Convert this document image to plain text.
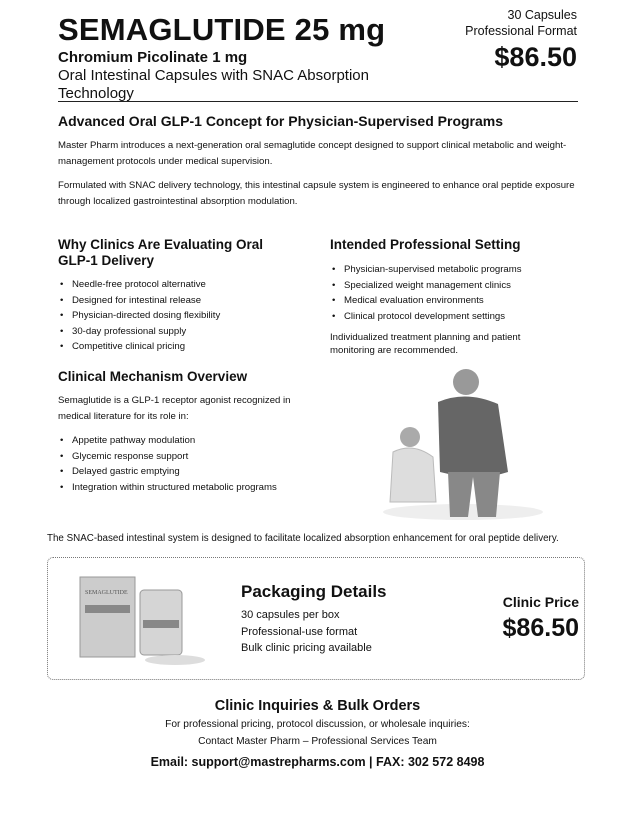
SEMAGLUTIDE 25 mg
Chromium Picolinate 1 mg
Oral Intestinal Capsules with SNAC Absorption Technology
30 Capsules
Professional Format
$86.50
Advanced Oral GLP-1 Concept for Physician-Supervised Programs
Master Pharm introduces a next-generation oral semaglutide concept designed to support clinical metabolic and weight-management protocols under medical supervision.
Formulated with SNAC delivery technology, this intestinal capsule system is engineered to enhance oral peptide exposure through localized gastrointestinal absorption modulation.
Why Clinics Are Evaluating Oral GLP-1 Delivery
• Needle-free protocol alternative
• Designed for intestinal release
• Physician-directed dosing flexibility
• 30-day professional supply
• Competitive clinical pricing
Intended Professional Setting
• Physician-supervised metabolic programs
• Specialized weight management clinics
• Medical evaluation environments
• Clinical protocol development settings
Individualized treatment planning and patient monitoring are recommended.
Clinical Mechanism Overview
Semaglutide is a GLP-1 receptor agonist recognized in medical literature for its role in:
• Appetite pathway modulation
• Glycemic response support
• Delayed gastric emptying
• Integration within structured metabolic programs
The SNAC-based intestinal system is designed to facilitate localized absorption enhancement for oral peptide delivery.
SEMAGLUTIDE	Packaging Details
30 capsules per box
Professional-use format
Bulk clinic pricing available
Clinic Price
$86.50
Clinic Inquiries & Bulk Orders
For professional pricing, protocol discussion, or wholesale inquiries:
Contact Master Pharm – Professional Services Team
Email: support@mastrepharms.com | FAX: 302 572 8498
